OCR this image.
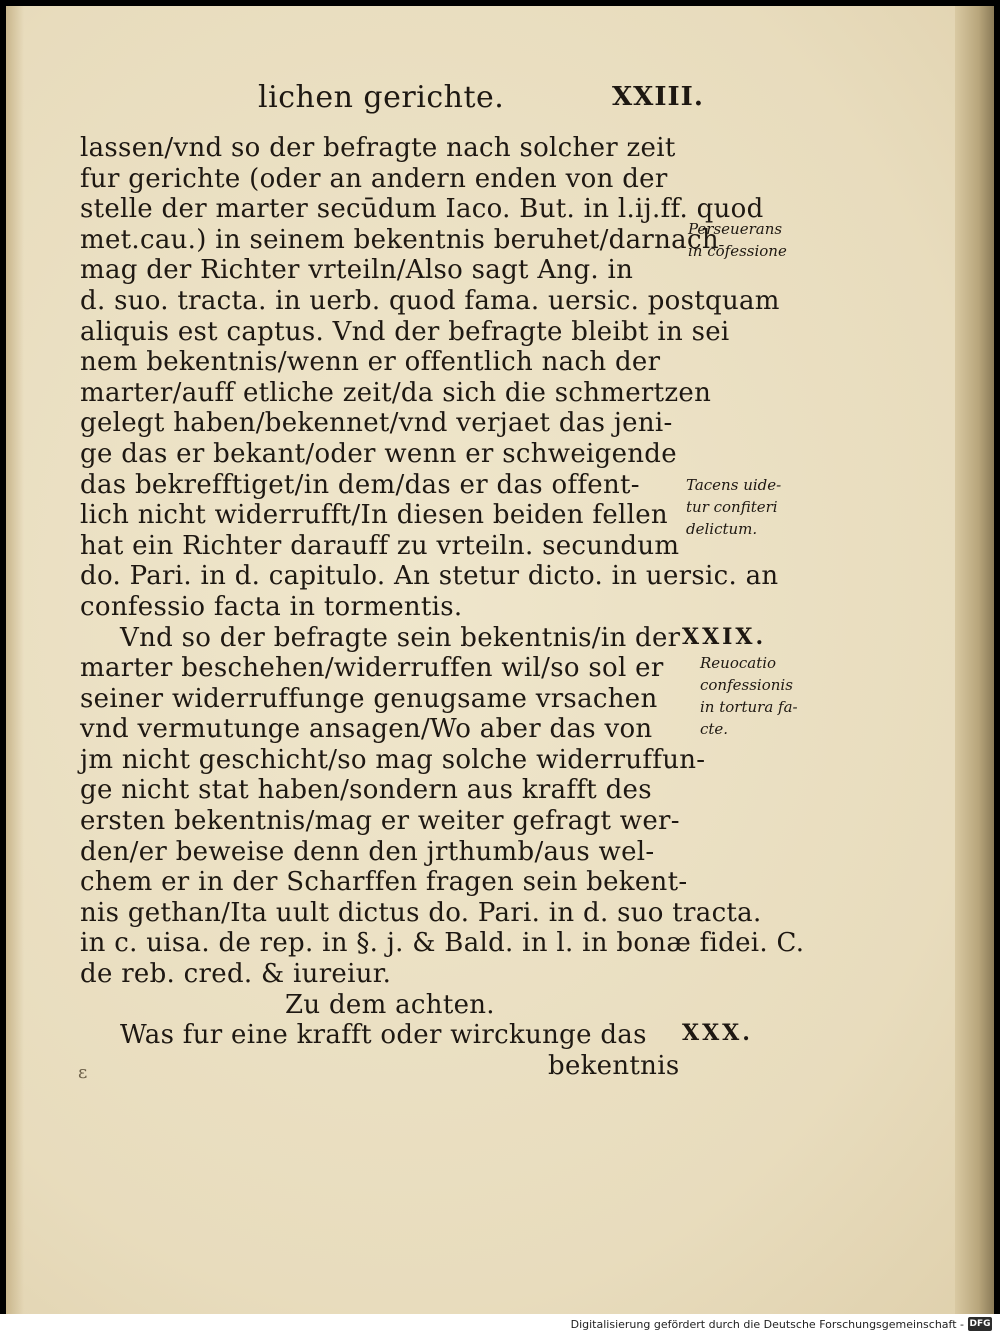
lichen gerichte.	XXIII.
lassen/vnd so der befragte nach solcher zeit
fur gerichte (oder an andern enden von der
stelle der marter secūdum Iaco. But. in l.ij.ff. quod
met.cau.) in seinem bekentnis beruhet/darnach
mag der Richter vrteiln/Also sagt Ang. in
d. suo. tracta. in uerb. quod fama. uersic. postquam
aliquis est captus. Vnd der befragte bleibt in sei
nem bekentnis/wenn er offentlich nach der
marter/auff etliche zeit/da sich die schmertzen
gelegt haben/bekennet/vnd verjaet das jeni-
ge das er bekant/oder wenn er schweigende
das bekrefftiget/in dem/das er das offent-
lich nicht widerrufft/In diesen beiden fellen
hat ein Richter darauff zu vrteiln. secundum
do. Pari. in d. capitulo. An stetur dicto. in uersic. an
confessio facta in tormentis.
Vnd so der befragte sein bekentnis/in der
marter beschehen/widerruffen wil/so sol er
seiner widerruffunge genugsame vrsachen
vnd vermutunge ansagen/Wo aber das von
jm nicht geschicht/so mag solche widerruffun-
ge nicht stat haben/sondern aus krafft des
ersten bekentnis/mag er weiter gefragt wer-
den/er beweise denn den jrthumb/aus wel-
chem er in der Scharffen fragen sein bekent-
nis gethan/Ita uult dictus do. Pari. in d. suo tracta.
in c. uisa. de rep. in §. j. & Bald. in l. in bonæ fidei. C.
de reb. cred. & iureiur.
Zu dem achten.
Was fur eine krafft oder wirckunge das
bekentnis
Perseuerans
in cōfessione
Tacens uide-
tur confiteri
delictum.
XXIX.
Reuocatio
confessionis
in tortura fa-
cte.
XXX.
ε
Digitalisierung gefördert durch die Deutsche Forschungsgemeinschaft - DFG
